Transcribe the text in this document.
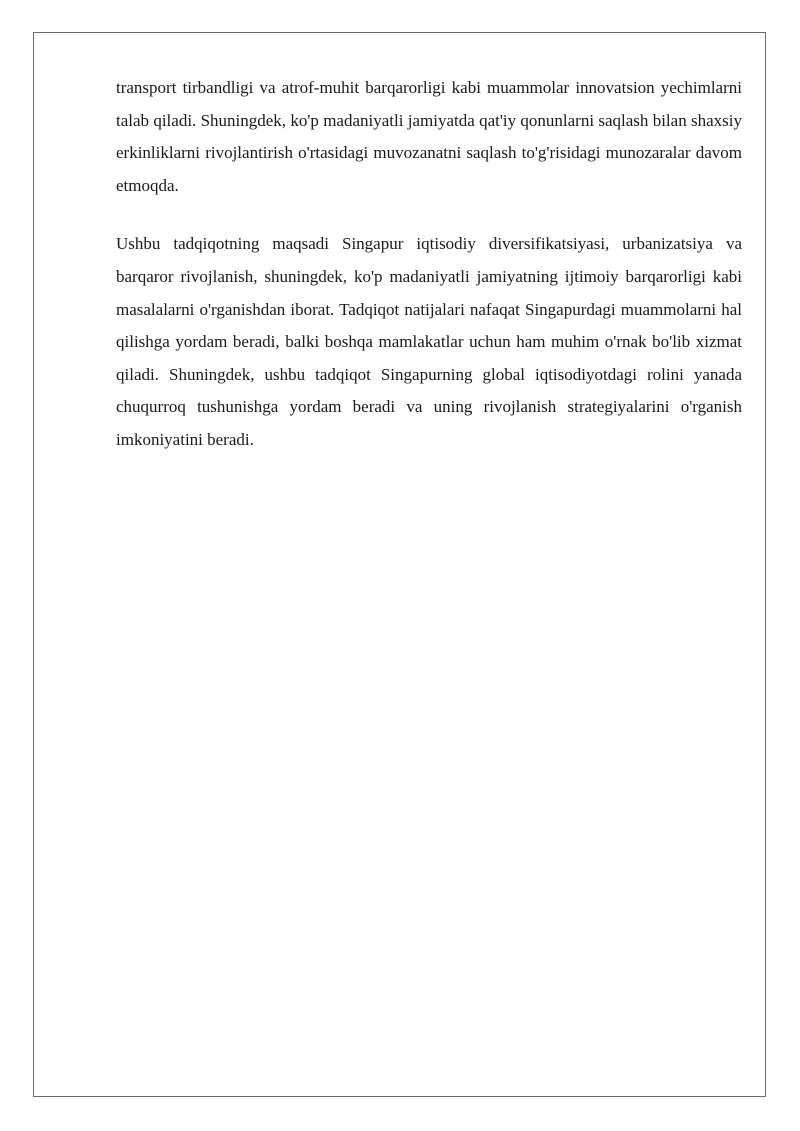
transport tirbandligi va atrof-muhit barqarorligi kabi muammolar innovatsion yechimlarni talab qiladi. Shuningdek, ko'p madaniyatli jamiyatda qat'iy qonunlarni saqlash bilan shaxsiy erkinliklarni rivojlantirish o'rtasidagi muvozanatni saqlash to'g'risidagi munozaralar davom etmoqda.

Ushbu tadqiqotning maqsadi Singapur iqtisodiy diversifikatsiyasi, urbanizatsiya va barqaror rivojlanish, shuningdek, ko'p madaniyatli jamiyatning ijtimoiy barqarorligi kabi masalalarni o'rganishdan iborat. Tadqiqot natijalari nafaqat Singapurdagi muammolarni hal qilishga yordam beradi, balki boshqa mamlakatlar uchun ham muhim o'rnak bo'lib xizmat qiladi. Shuningdek, ushbu tadqiqot Singapurning global iqtisodiyotdagi rolini yanada chuqurroq tushunishga yordam beradi va uning rivojlanish strategiyalarini o'rganish imkoniyatini beradi.
